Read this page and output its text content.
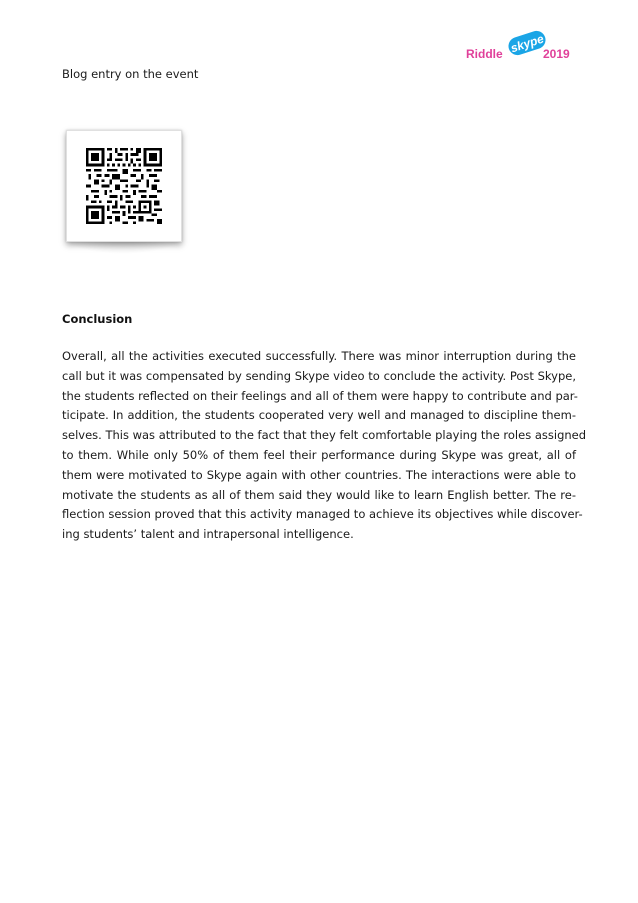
Riddle skype
2019
Blog entry on the event
Conclusion

Overall, all the activities executed successfully. There was minor interruption during the
call but it was compensated by sending Skype video to conclude the activity. Post Skype,
the students reflected on their feelings and all of them were happy to contribute and par-
ticipate. In addition, the students cooperated very well and managed to discipline them-
selves. This was attributed to the fact that they felt comfortable playing the roles assigned
to them. While only 50% of them feel their performance during Skype was great, all of
them were motivated to Skype again with other countries. The interactions were able to
motivate the students as all of them said they would like to learn English better. The re-
flection session proved that this activity managed to achieve its objectives while discover-
ing students’ talent and intrapersonal intelligence.
